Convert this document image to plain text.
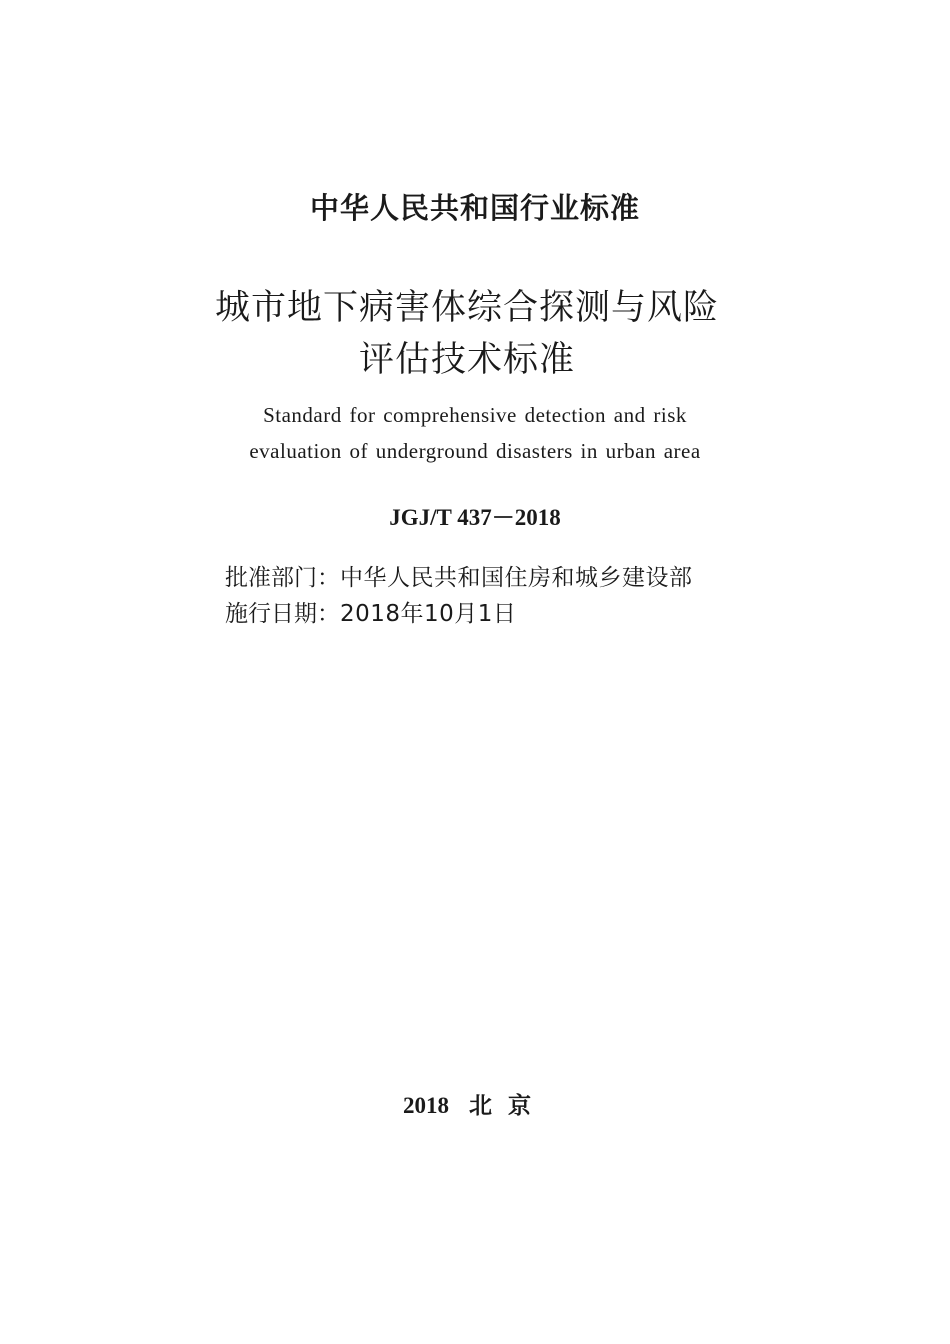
中华人民共和国行业标准
城市地下病害体综合探测与风险
评估技术标准
Standard for comprehensive detection and risk
evaluation of underground disasters in urban area
JGJ/T 437－2018
批准部门：中华人民共和国住房和城乡建设部
施行日期：2018年10月1日
2018 北京
